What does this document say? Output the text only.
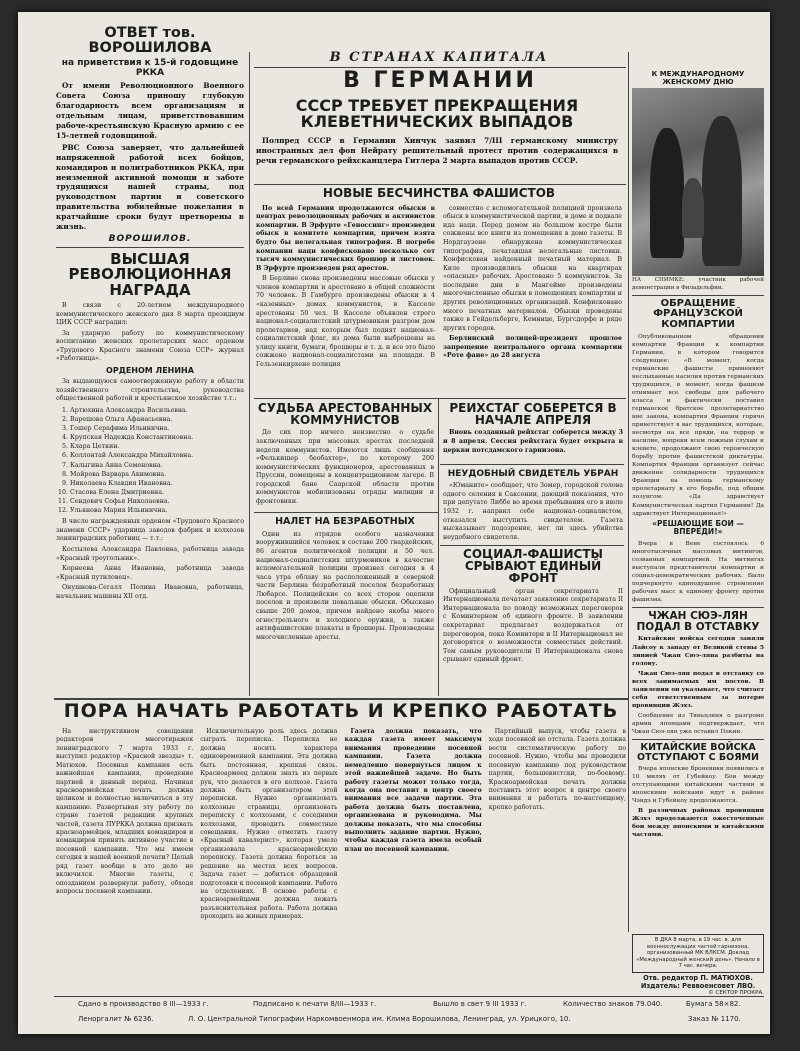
ОТВЕТ тов. ВОРОШИЛОВА
на приветствия к 15-й годовщине РККА

От имени Революционного Военного Совета Союза приношу глубокую благодарность всем организациям и отдельным лицам, приветствовавшим рабоче-крестьянскую Красную армию с ее 15-летней годовщиной.

РВС Союза заверяет, что дальнейшей напряженной работой всех бойцов, командиров и политработников РККА, при неизменной активной помощи и заботе трудящихся нашей страны, под руководством партии и советского правительства юбилейные пожелания в кратчайшие сроки будут претворены в жизнь.

ВОРОШИЛОВ.
ВЫСШАЯ РЕВОЛЮЦИОННАЯ НАГРАДА

В связи с 20-летием международного коммунистического женского дня 8 марта президиум ЦИК СССР наградил:

За ударную работу по коммунистическому воспитанию женских пролетарских масс орденом «Трудового Красного знамени Союза ССР» журнал «Работница».

ОРДЕНОМ ЛЕНИНА

За выдающуюся самоотверженную работу в области хозяйственного строительства, руководства общественной работой и крестьянское хозяйство т.т.:

1. Артюхина Александра Васильевна.
2. Варешова Ольга Афанасьевна.
3. Гошер Серафима Ильинична.
4. Крупская Надежда Константиновна.
5. Клара Цеткин.
6. Коллонтай Александра Михайловна.
7. Калыгина Анна Семеновна.
8. Мойрова Варвара Акимовна.
9. Николаева Клавдия Ивановна.
10. Стасова Елена Дмитриевна.
11. Сендович Софья Николаевна.
12. Ульянова Мария Ильинична.

В числе награжденных орденом «Трудового Красного знамени СССР» ударница заводов фабрик и колхозов ленинградских работниц — т.т.:

Костылева Александра Павловна, работница завода «Красный треугольник».

Корнеева Анна Ивановна, работница завода «Красный путиловец».

Онушнова-Сегалл Полина Ивановна, работница, начальник машины ХII отд.

В СТРАНАХ КАПИТАЛА
В ГЕРМАНИИ
СССР ТРЕБУЕТ ПРЕКРАЩЕНИЯ КЛЕВЕТНИЧЕСКИХ ВЫПАДОВ

Полпред СССР в Германии Хинчук заявил 7/III германскому министру иностранных дел фон Нейрату решительный протест против содержащихся в речи германского рейхсканцлера Гитлера 2 марта выпадов против СССР.

НОВЫЕ БЕСЧИНСТВА ФАШИСТОВ

По всей Германии продолжаются обыски в центрах революционных рабочих и активистов компартии. В Эрфурте «Геноссинг» произведен обыск в комитете компартии, причем взята будто бы нелегальная типография. В погребе компании наци конфисковано несколько сот тысяч коммунистических брошюр и листовок. В Эрфурте произведен ряд арестов.

В Берлине снова произведены массовые обыски у членов компартии и арестовано в общей сложности 70 человек. В Гамбурге произведены обыски в 4 «казенных» домах коммунистов, в Касселе арестованы 50 чел. В Касселе объявлен строго национал-социалистский штурмовикам разгром дом пролетариев, над которым был поднят национал-социалистский флаг, из дома были выброшены на улицу книги, бумаги, брошюры и т. д. и все это было сожжено национал-социалистами на площади. В Гельзенкирхене полиция

совместно с вспомогательной полицией произвела обыск в коммунистической партии, в доме и подвале ида наци. Перед домом на большом костре были сожжены все книги из помещения в доме газеты. В Нордгаузене обнаружена коммунистическая типография, печатавшая нелегальные листовки. Конфискован найденный печатный материал. В Киле производились обыски на квартирах «опасных» рабочих. Арестовано 5 коммунистов. За последние дни в Мангейме произведены многочисленные обыски в помещениях компартии и других революционных организаций. Конфисковано много печатных материалов. Обыски проведены также в Гейдельберге, Кемнице, Бургсдорфе и ряде других городов.

Берлинский полицей-президент прошлое запрещение центрального органа компартии «Роте фане» до 28 августа

СУДЬБА АРЕСТОВАННЫХ КОММУНИСТОВ

До сих пор ничего неизвестно о судьбе заключенных при массовых арестах последней недели коммунистов. Имеются лишь сообщения «Фелькишер беобахтер», по которому 200 коммунистических функционеров, арестованных в Пруссии, помещены в концентрационном лагере. В городской бане Саарской области против коммунистов мобилизованы отряды милиции и фронтовики.

НАЛЕТ НА БЕЗРАБОТНЫХ

Один из отрядов особого назначения вооружившийся человек в составе 200 гвардейских, 86 агентов политической полиции и 50 чел. национал-социалистских штурмовиков в качестве вспомогательной полиции произвел сегодня в 4 часа утра облаву на расположенный в северной части Берлина безработный поселок безработных Любарсе. Полицейские со всех сторон оцепили поселок и произвели повальные обыски. Обыскано свыше 200 домов, причем найдено якобы много огнестрельного и холодного оружия, а также антифашистские плакаты и брошюры. Произведены многочисленные аресты.

РЕЙХСТАГ СОБЕРЕТСЯ В НАЧАЛЕ АПРЕЛЯ

Вновь созданный рейхстаг соберется между 3 и 8 апреля. Сессия рейхстага будет открыта в церкви потсдамского гарнизона.

НЕУДОБНЫЙ СВИДЕТЕЛЬ УБРАН

«Юманите» сообщает, что Зомер, городской голова одного селения в Саксонии, дающий показания, что при депутате Либбе во время пребывания его в июле 1932 г. напрвил себе национал-социалистом, отказался выступить свидетелем. Газета высказывает подозрение, нет ли здесь убийства неудобного свидетеля.

СОЦИАЛ-ФАШИСТЫ СРЫВАЮТ ЕДИНЫЙ ФРОНТ

Официальный орган секретариата II Интернационала печатает заявление секретариата II Интернационала по поводу возможных переговоров с Коминтерном об единого фронте. В заявлении секретариат предлагает воздержаться от переговоров, пока Коминтерн и II Интернационал не договорятся о возможности совместных действий. Тем самым руководители II Интернационала снова срывают единый фронт.

К МЕЖДУНАРОДНОМУ ЖЕНСКОМУ ДНЮ
НА СНИМКЕ: участник рабочей демонстрации в Филадельфии.
ОБРАЩЕНИЕ ФРАНЦУЗСКОЙ КОМПАРТИИ

Опубликованном обращении компартии Франции к компартии Германии, в котором говорится следующее: «В момент, когда германские фашисты применяют неслыханные насилия против германских трудящихся, в момент, когда фашизм отнимает все свободы для рабочего класса и фактически поставил германское братское пролетариатство вне закона, компартия Франции горячо приветствует в вас трудящихся, которые, несмотря на все пряди, на террор и насилие, вопреки всем ложным слухам и клевете, продолжают свою героическую борьбу против фашистской диктатуры. Компартия Франции организует сейчас движение солидарности трудящихся Франции на помощь германскому пролетариату в его борьбе, под общим лозунгом: «Да здравствует Коммунистическая партия Германии! Да здравствует Интернационал!»

«РЕШАЮЩИЕ БОИ — ВПЕРЕДИ!»

Вчера в Вене состоялось 6 многотысячных массовых митингов, созванных компартией. На митингах выступали представители компартии и социал-демократических рабочих. Было подчеркнуто единодушное стремление рабочих масс к единому фронту против фашизма.

ЧЖАН СЮЭ-ЛЯН ПОДАЛ В ОТСТАВКУ

Китайские войска сегодня заняли Лайсоу к западу от Великой стены 5 линией Чжан Сюэ-ляна разбиты на голову.

Чжан Сюэ-лян подал в отставку со всех занимаемых им постов. В заявлении он указывает, что считает себя ответственным за потерю провинции Жэхэ.

Сообщение из Тяньцзиня о разгроме армии японцами подтверждает, что Чжан Сюэ-лян уже оставил Пекин.

КИТАЙСКИЕ ВОЙСКА ОТСТУПАЮТ С БОЯМИ

Вчера японские броневики появились в 10 милях от Губейкоу. Бои между отступающими китайскими частями и японскими войсками идут в районе Чэндэ и Губейкоу продолжаются.

В различных районах провинции Жэхэ продолжаются ожесточенные бои между японскими и китайскими частями.

ПОРА НАЧАТЬ РАБОТАТЬ И КРЕПКО РАБОТАТЬ

На инструктивном совещании редакторов многотиражек ленинградского 7 марта 1933 г. выступил редактор «Красной звезды» т. Матюхов. Посевная кампания есть важнейшая кампания, проведение партией в данный период. Начиная красноармейская печать должна целиком и полностью включиться в эту кампанию. Развертывая эту работу по стране газетой редакции крупных частей, газета ПУРККА должна призвать красноармейцев, младших командиров и командиров принять активное участие в посевной кампании. Что мы имеем сегодня в нашей военной печати? Целый ряд газет вообще в это дело не включился. Многие газеты, с опозданием развернули работу, обходя вопросы посевной кампании.

Исключительную роль здесь должна сыграть переписка. Переписка не должна носить характера единовременной кампании. Эта должна быть постоянная, крепкая связь. Красноармеец должен знать из первых рук, что делается в его колхозе. Газета должна быть организатором этой переписки. Нужно организовать колхозные страницы, организовать переписку с колхозами, с соседними колхозами, проводить совместные совещания. Нужно отметить газету «Красный кавалерист», которая умело организовала красноармейскую переписку. Газета должна бороться за решение на местах всех вопросов. Задача газет — добиться образцовой подготовки к посевной кампании. Работа на отделениях. В основе работы с красноармейцами должна лежать разъяснительная работа. Работа должна проходить на живых примерах.

Газета должна показать, что каждая газета имеет максимум внимания проведение посевной кампании. Газета должна немедленно повернуться лицом к этой важнейшей задаче. Но быть работу газеты может только тогда, когда она поставит в центр своего внимания все задачи партии. Эта работа должна быть поставлена, организована и руководима. Мы должны показать, что мы способны выполнить задание партии. Нужно, чтобы каждая газета имела особый план по посевной кампании.

Партийный выпуск, чтобы газета в ходе посевной не отстала. Газета должна вести систематическую работу по посевной. Нужно, чтобы мы проводили посевную кампанию под руководством партии, большевистски, по-боевому. Красноармейская печать должна поставить этот вопрос в центре своего внимания и работать по-настоящему, крепко работать.

В ДКА 8 марта, в 19 час. в. для военнослужащих частей гарнизона, организованный МК ВЛКСМ. Доклад «Международный женский день». Начало в 7 час. вечера.
Отв. редактор П. МАТЮХОВ.
Издатель: Реввоенсовет ЛВО.
© СЕКТОР ПРОКРА.
Сдано в производство 8 III—1933 г.	Подписано к печати 8/III—1933 г.	Вышло в свет 9 III 1933 г.	Количество знаков 79.040.	Бумага 58×82.
Леноргалит № 6236.	Л. О. Центральной Типографии Наркомвоенмора им. Клима Ворошилова, Ленинград, ул. Урицкого, 10.	Заказ № 1170.
